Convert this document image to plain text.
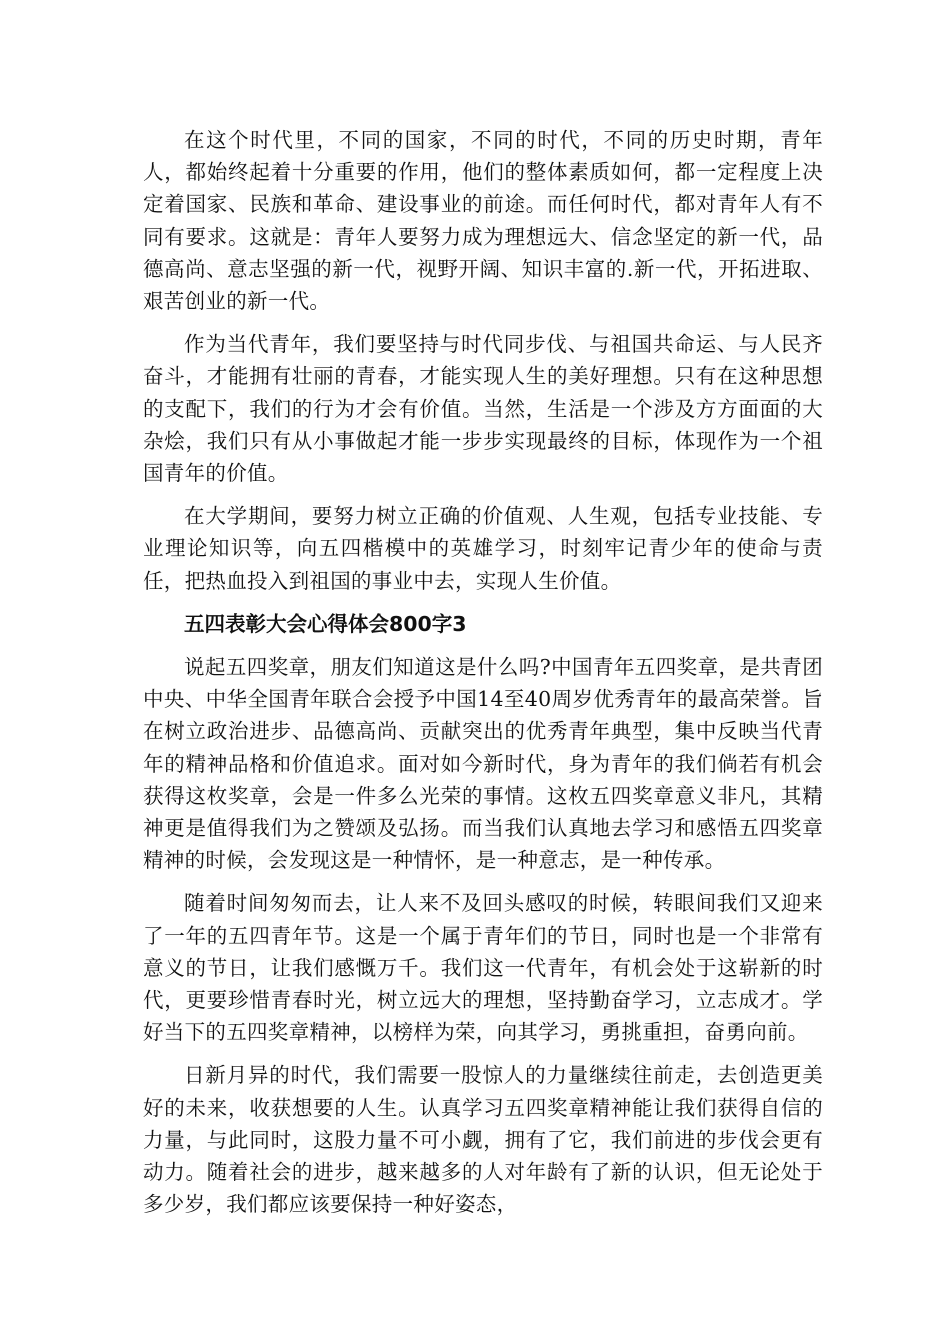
在这个时代里，不同的国家，不同的时代，不同的历史时期，青年人，都始终起着十分重要的作用，他们的整体素质如何，都一定程度上决定着国家、民族和革命、建设事业的前途。而任何时代，都对青年人有不同有要求。这就是：青年人要努力成为理想远大、信念坚定的新一代，品德高尚、意志坚强的新一代，视野开阔、知识丰富的.新一代，开拓进取、艰苦创业的新一代。

作为当代青年，我们要坚持与时代同步伐、与祖国共命运、与人民齐奋斗，才能拥有壮丽的青春，才能实现人生的美好理想。只有在这种思想的支配下，我们的行为才会有价值。当然，生活是一个涉及方方面面的大杂烩，我们只有从小事做起才能一步步实现最终的目标，体现作为一个祖国青年的价值。

在大学期间，要努力树立正确的价值观、人生观，包括专业技能、专业理论知识等，向五四楷模中的英雄学习，时刻牢记青少年的使命与责任，把热血投入到祖国的事业中去，实现人生价值。

五四表彰大会心得体会800字3

说起五四奖章，朋友们知道这是什么吗?中国青年五四奖章，是共青团中央、中华全国青年联合会授予中国14至40周岁优秀青年的最高荣誉。旨在树立政治进步、品德高尚、贡献突出的优秀青年典型，集中反映当代青年的精神品格和价值追求。面对如今新时代，身为青年的我们倘若有机会获得这枚奖章，会是一件多么光荣的事情。这枚五四奖章意义非凡，其精神更是值得我们为之赞颂及弘扬。而当我们认真地去学习和感悟五四奖章精神的时候，会发现这是一种情怀，是一种意志，是一种传承。

随着时间匆匆而去，让人来不及回头感叹的时候，转眼间我们又迎来了一年的五四青年节。这是一个属于青年们的节日，同时也是一个非常有意义的节日，让我们感慨万千。我们这一代青年，有机会处于这崭新的时代，更要珍惜青春时光，树立远大的理想，坚持勤奋学习，立志成才。学好当下的五四奖章精神，以榜样为荣，向其学习，勇挑重担，奋勇向前。

日新月异的时代，我们需要一股惊人的力量继续往前走，去创造更美好的未来，收获想要的人生。认真学习五四奖章精神能让我们获得自信的力量，与此同时，这股力量不可小觑，拥有了它，我们前进的步伐会更有动力。随着社会的进步，越来越多的人对年龄有了新的认识，但无论处于多少岁，我们都应该要保持一种好姿态，
